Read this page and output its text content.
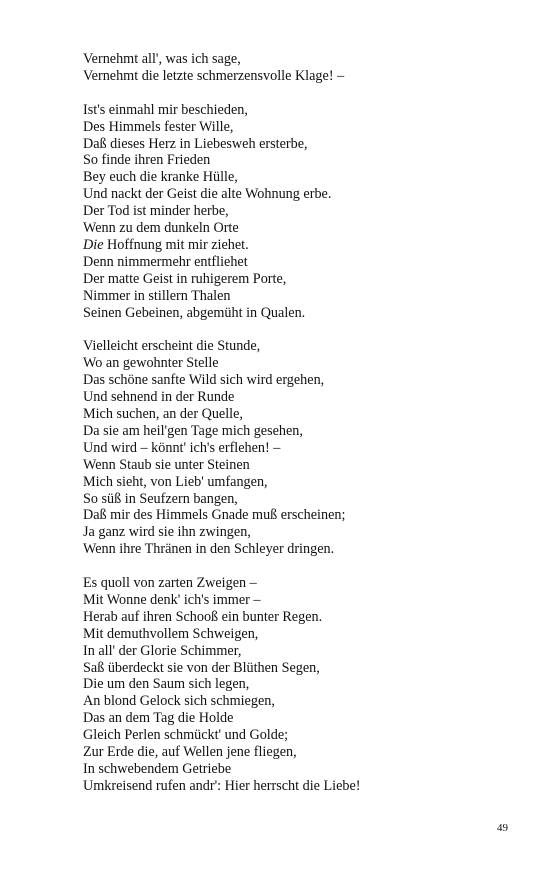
Vernehmt all', was ich sage,
Vernehmt die letzte schmerzensvolle Klage! –
Ist's einmahl mir beschieden,
Des Himmels fester Wille,
Daß dieses Herz in Liebesweh ersterbe,
So finde ihren Frieden
Bey euch die kranke Hülle,
Und nackt der Geist die alte Wohnung erbe.
Der Tod ist minder herbe,
Wenn zu dem dunkeln Orte
Die Hoffnung mit mir ziehet.
Denn nimmermehr entfliehet
Der matte Geist in ruhigerem Porte,
Nimmer in stillern Thalen
Seinen Gebeinen, abgemüht in Qualen.
Vielleicht erscheint die Stunde,
Wo an gewohnter Stelle
Das schöne sanfte Wild sich wird ergehen,
Und sehnend in der Runde
Mich suchen, an der Quelle,
Da sie am heil'gen Tage mich gesehen,
Und wird – könnt' ich's erflehen! –
Wenn Staub sie unter Steinen
Mich sieht, von Lieb' umfangen,
So süß in Seufzern bangen,
Daß mir des Himmels Gnade muß erscheinen;
Ja ganz wird sie ihn zwingen,
Wenn ihre Thränen in den Schleyer dringen.
Es quoll von zarten Zweigen –
Mit Wonne denk' ich's immer –
Herab auf ihren Schooß ein bunter Regen.
Mit demuthvollem Schweigen,
In all' der Glorie Schimmer,
Saß überdeckt sie von der Blüthen Segen,
Die um den Saum sich legen,
An blond Gelock sich schmiegen,
Das an dem Tag die Holde
Gleich Perlen schmückt' und Golde;
Zur Erde die, auf Wellen jene fliegen,
In schwebendem Getriebe
Umkreisend rufen andr': Hier herrscht die Liebe!
49
